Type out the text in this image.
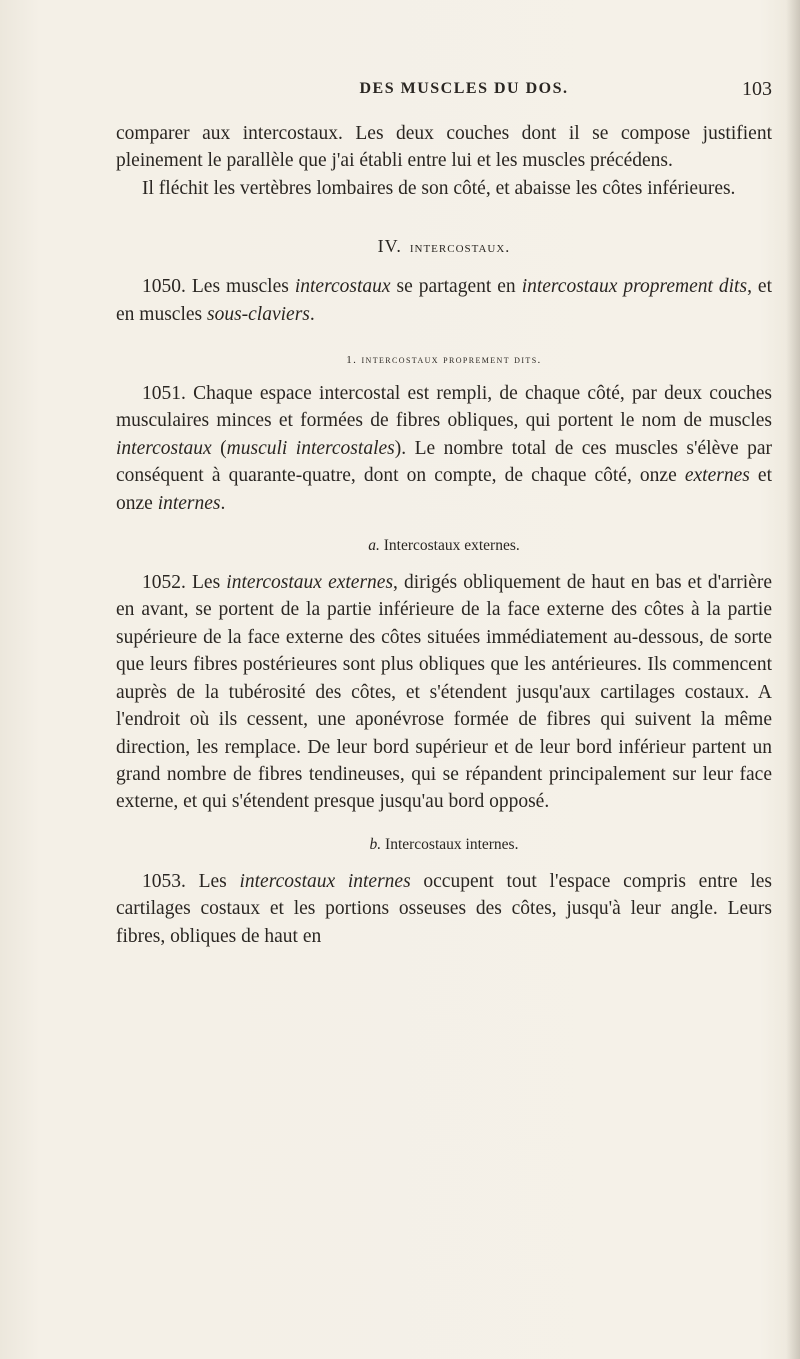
DES MUSCLES DU DOS.	103

comparer aux intercostaux. Les deux couches dont il se compose justifient pleinement le parallèle que j'ai établi entre lui et les muscles précédens.

Il fléchit les vertèbres lombaires de son côté, et abaisse les côtes inférieures.

IV. intercostaux.

1050. Les muscles intercostaux se partagent en intercostaux proprement dits, et en muscles sous-claviers.

1. intercostaux proprement dits.

1051. Chaque espace intercostal est rempli, de chaque côté, par deux couches musculaires minces et formées de fibres obliques, qui portent le nom de muscles intercostaux (musculi intercostales). Le nombre total de ces muscles s'élève par conséquent à quarante-quatre, dont on compte, de chaque côté, onze externes et onze internes.

a. Intercostaux externes.

1052. Les intercostaux externes, dirigés obliquement de haut en bas et d'arrière en avant, se portent de la partie inférieure de la face externe des côtes à la partie supérieure de la face externe des côtes situées immédiatement au-dessous, de sorte que leurs fibres postérieures sont plus obliques que les antérieures. Ils commencent auprès de la tubérosité des côtes, et s'étendent jusqu'aux cartilages costaux. A l'endroit où ils cessent, une aponévrose formée de fibres qui suivent la même direction, les remplace. De leur bord supérieur et de leur bord inférieur partent un grand nombre de fibres tendineuses, qui se répandent principalement sur leur face externe, et qui s'étendent presque jusqu'au bord opposé.

b. Intercostaux internes.

1053. Les intercostaux internes occupent tout l'espace compris entre les cartilages costaux et les portions osseuses des côtes, jusqu'à leur angle. Leurs fibres, obliques de haut en
